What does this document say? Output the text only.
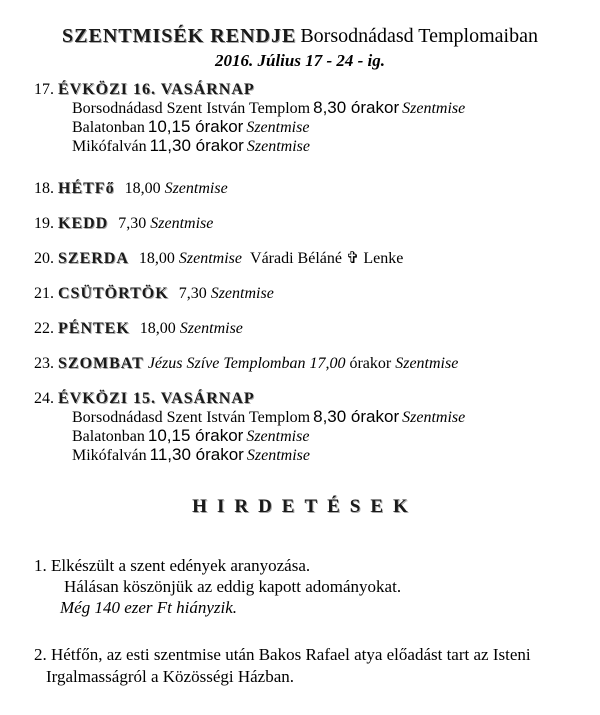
SZENTMISÉK RENDJE Borsodnádasd Templomaiban
2016. Július 17 - 24 - ig.
17. ÉVKÖZI 16. VASÁRNAP
Borsodnádasd Szent István Templom 8,30 órakor Szentmise
Balatonban 10,15 órakor Szentmise
Mikófalván 11,30 órakor Szentmise
18. HÉTFő 18,00 Szentmise
19. KEDD 7,30 Szentmise
20. SZERDA 18,00 Szentmise Váradi Béláné ✞ Lenke
21. CSÜTÖRTÖK 7,30 Szentmise
22. PÉNTEK 18,00 Szentmise
23. SZOMBAT Jézus Szíve Templomban 17,00 órakor Szentmise
24. ÉVKÖZI 15. VASÁRNAP
Borsodnádasd Szent István Templom 8,30 órakor Szentmise
Balatonban 10,15 órakor Szentmise
Mikófalván 11,30 órakor Szentmise
HIRDETÉSEK
1. Elkészült a szent edények aranyozása.
Hálásan köszönjük az eddig kapott adományokat.
Még 140 ezer Ft hiányzik.
2. Hétfőn, az esti szentmise után Bakos Rafael atya előadást tart az Isteni
Irgalmasságról a Közösségi Házban.
